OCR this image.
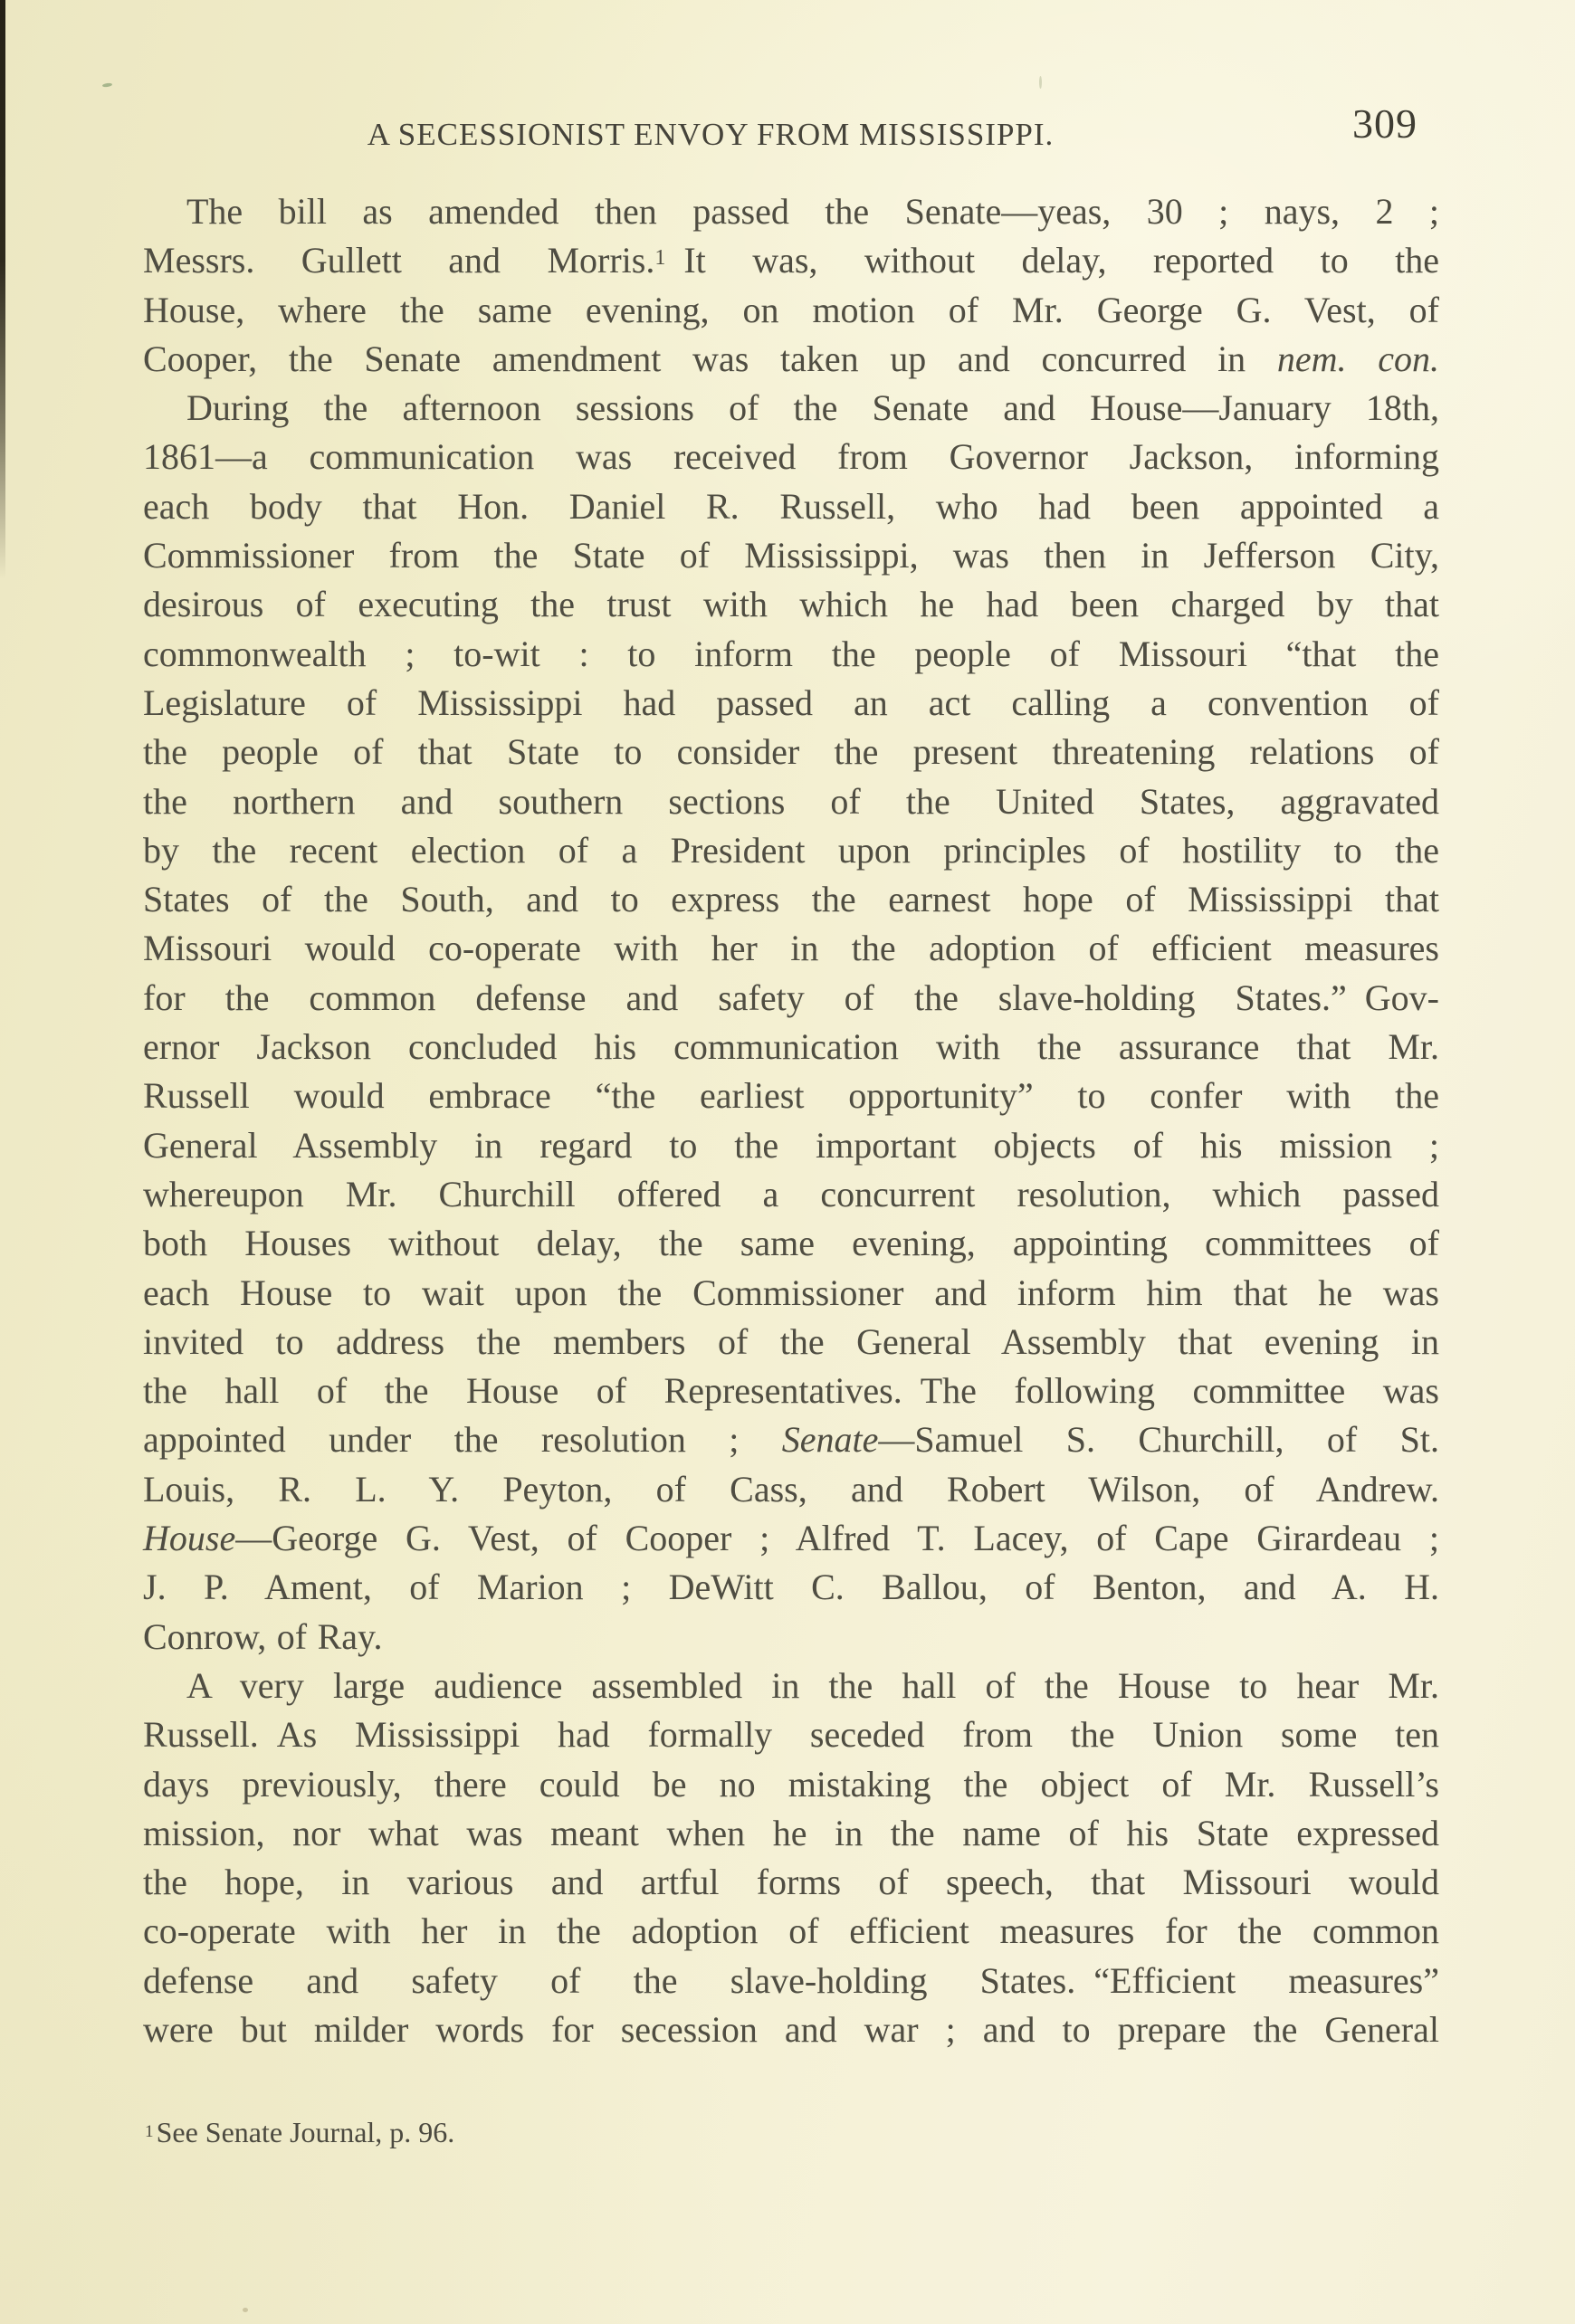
A SECESSIONIST ENVOY FROM MISSISSIPPI.	309
The bill as amended then passed the Senate—yeas, 30 ; nays, 2 ;
Messrs. Gullett and Morris.$^1$ It was, without delay, reported to the
House, where the same evening, on motion of Mr. George G. Vest, of
Cooper, the Senate amendment was taken up and concurred in nem. con.
During the afternoon sessions of the Senate and House—January 18th,
1861—a communication was received from Governor Jackson, informing
each body that Hon. Daniel R. Russell, who had been appointed a
Commissioner from the State of Mississippi, was then in Jefferson City,
desirous of executing the trust with which he had been charged by that
commonwealth ; to-wit : to inform the people of Missouri “that the
Legislature of Mississippi had passed an act calling a convention of
the people of that State to consider the present threatening relations of
the northern and southern sections of the United States, aggravated
by the recent election of a President upon principles of hostility to the
States of the South, and to express the earnest hope of Mississippi that
Missouri would co-operate with her in the adoption of efficient measures
for the common defense and safety of the slave-holding States.” Gov-
ernor Jackson concluded his communication with the assurance that Mr.
Russell would embrace “the earliest opportunity” to confer with the
General Assembly in regard to the important objects of his mission ;
whereupon Mr. Churchill offered a concurrent resolution, which passed
both Houses without delay, the same evening, appointing committees of
each House to wait upon the Commissioner and inform him that he was
invited to address the members of the General Assembly that evening in
the hall of the House of Representatives. The following committee was
appointed under the resolution ; Senate—Samuel S. Churchill, of St.
Louis, R. L. Y. Peyton, of Cass, and Robert Wilson, of Andrew.
House—George G. Vest, of Cooper ; Alfred T. Lacey, of Cape Girardeau ;
J. P. Ament, of Marion ; DeWitt C. Ballou, of Benton, and A. H.
Conrow, of Ray.
A very large audience assembled in the hall of the House to hear Mr.
Russell. As Mississippi had formally seceded from the Union some ten
days previously, there could be no mistaking the object of Mr. Russell’s
mission, nor what was meant when he in the name of his State expressed
the hope, in various and artful forms of speech, that Missouri would
co-operate with her in the adoption of efficient measures for the common
defense and safety of the slave-holding States. “Efficient measures”
were but milder words for secession and war ; and to prepare the General
1See Senate Journal, p. 96.
